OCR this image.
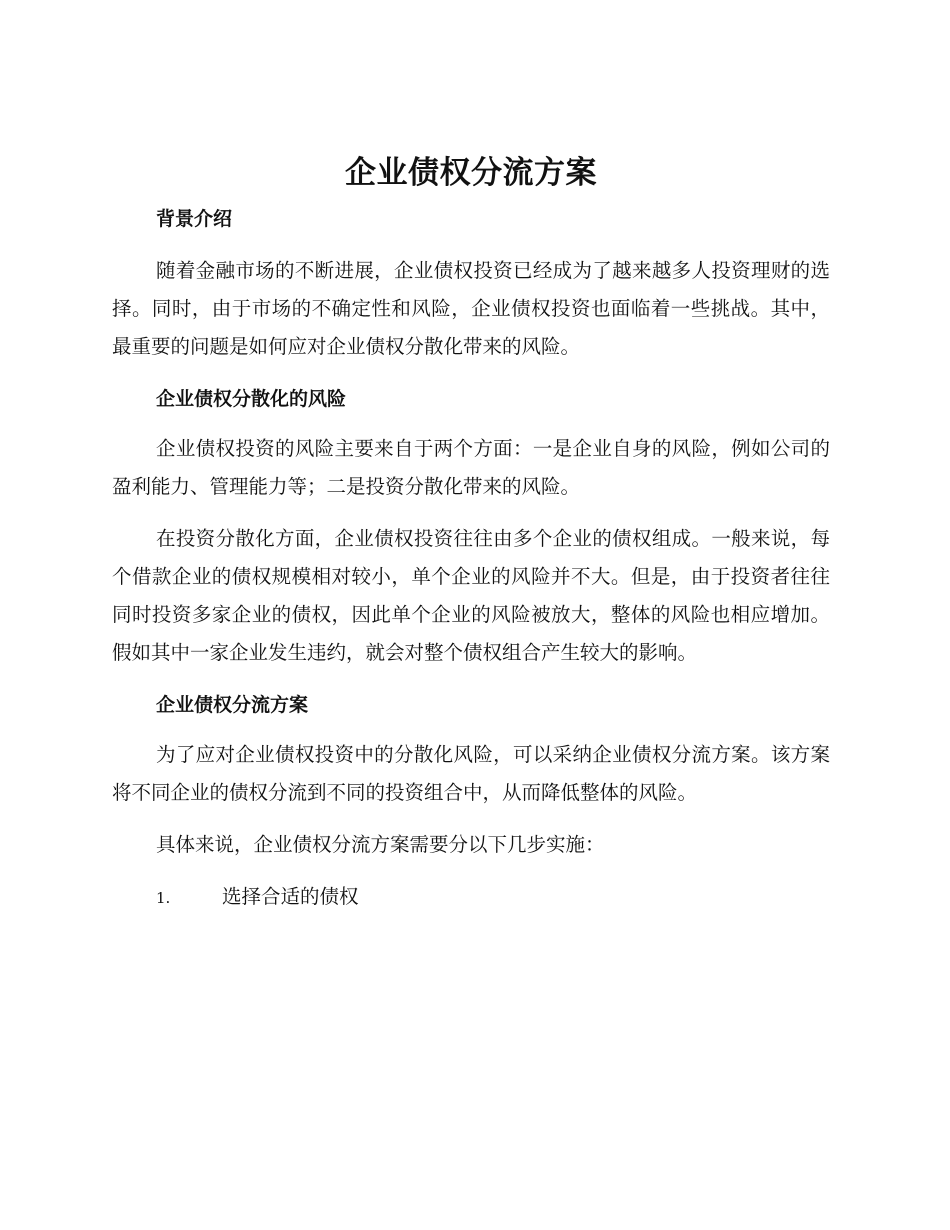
企业债权分流方案
背景介绍

随着金融市场的不断进展，企业债权投资已经成为了越来越多人投资理财的选择。同时，由于市场的不确定性和风险，企业债权投资也面临着一些挑战。其中，最重要的问题是如何应对企业债权分散化带来的风险。

企业债权分散化的风险

企业债权投资的风险主要来自于两个方面：一是企业自身的风险，例如公司的盈利能力、管理能力等；二是投资分散化带来的风险。

在投资分散化方面，企业债权投资往往由多个企业的债权组成。一般来说，每个借款企业的债权规模相对较小，单个企业的风险并不大。但是，由于投资者往往同时投资多家企业的债权，因此单个企业的风险被放大，整体的风险也相应增加。假如其中一家企业发生违约，就会对整个债权组合产生较大的影响。

企业债权分流方案

为了应对企业债权投资中的分散化风险，可以采纳企业债权分流方案。该方案将不同企业的债权分流到不同的投资组合中，从而降低整体的风险。

具体来说，企业债权分流方案需要分以下几步实施：

1.	选择合适的债权
